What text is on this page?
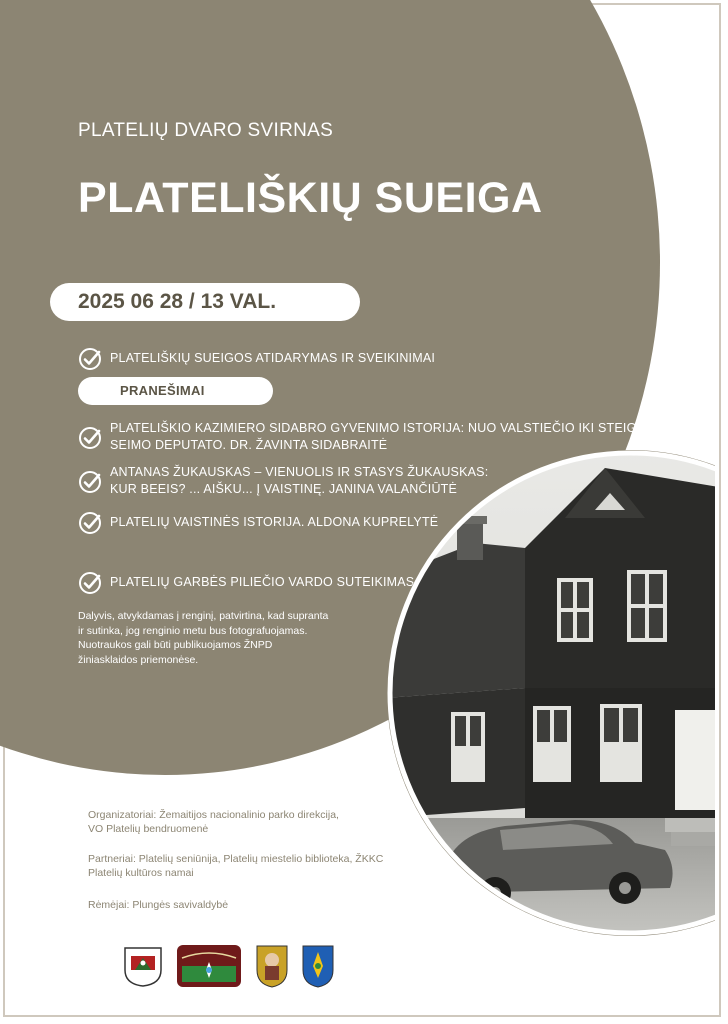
PLATELIŲ DVARO SVIRNAS
PLATELIŠKIŲ SUEIGA
2025 06 28 / 13 VAL.
PLATELIŠKIŲ SUEIGOS ATIDARYMAS IR SVEIKINIMAI
PRANEŠIMAI
PLATELIŠKIO KAZIMIERO SIDABRO GYVENIMO ISTORIJA: NUO VALSTIEČIO IKI STEIGIAMOJO
SEIMO DEPUTATO. DR. ŽAVINTA SIDABRAITĖ
ANTANAS ŽUKAUSKAS – VIENUOLIS IR STASYS ŽUKAUSKAS:
KUR BEEIS? ... AIŠKU... Į VAISTINĘ. JANINA VALANČIŪTĖ
PLATELIŲ VAISTINĖS ISTORIJA. ALDONA KUPRELYTĖ
PLATELIŲ GARBĖS PILIEČIO VARDO SUTEIKIMAS
Dalyvis, atvykdamas į renginį, patvirtina, kad supranta
ir sutinka, jog renginio metu bus fotografuojamas.
Nuotraukos gali būti publikuojamos ŽNPD
žiniasklaidos priemonėse.
Organizatoriai: Žemaitijos nacionalinio parko direkcija,
VO Platelių bendruomenė
Partneriai: Platelių seniūnija, Platelių miestelio biblioteka, ŽKKC
Platelių kultūros namai
Rėmėjai: Plungės savivaldybė
